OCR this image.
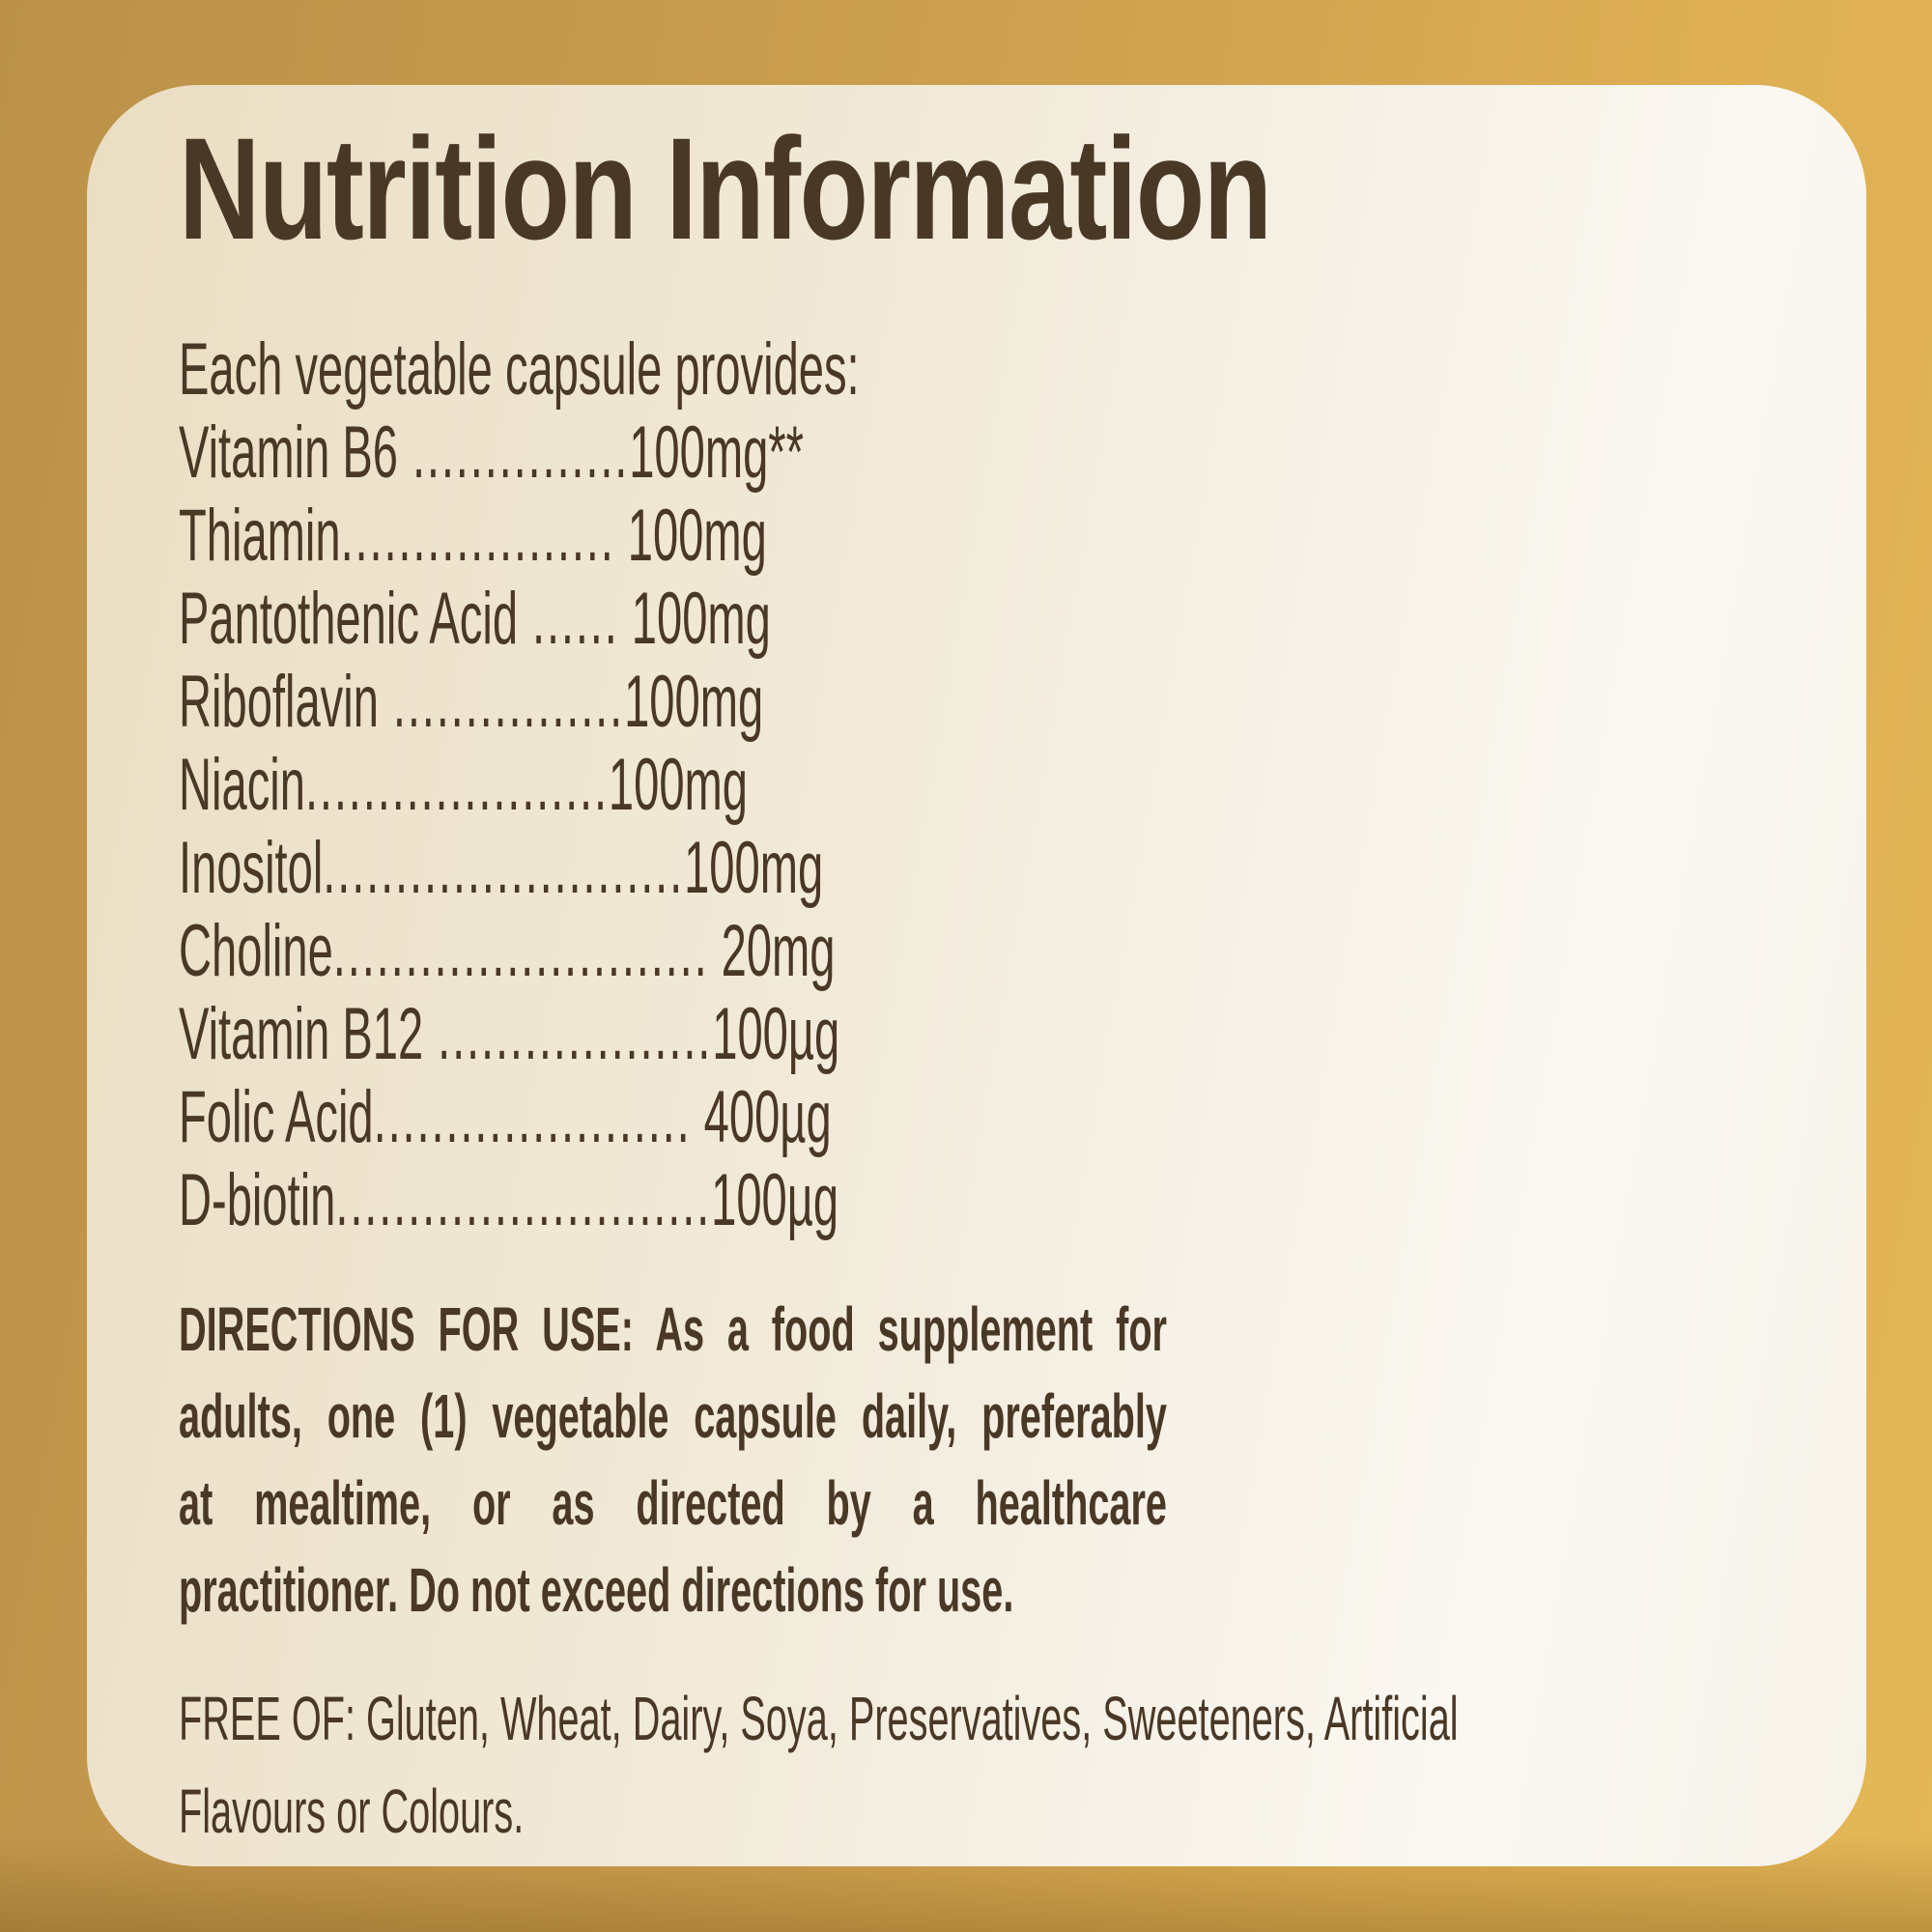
Nutrition Information
Each vegetable capsule provides:
Vitamin B6 ...............100mg**
Thiamin................... 100mg
Pantothenic Acid ...... 100mg
Riboflavin ................100mg
Niacin.....................100mg
Inositol.........................100mg
Choline.......................... 20mg
Vitamin B12 ...................100µg
Folic Acid...................... 400µg
D-biotin..........................100µg
DIRECTIONS FOR USE: As a food supplement for
adults, one (1) vegetable capsule daily, preferably
at mealtime, or as directed by a healthcare
practitioner. Do not exceed directions for use.
FREE OF: Gluten, Wheat, Dairy, Soya, Preservatives, Sweeteners, Artificial
Flavours or Colours.
